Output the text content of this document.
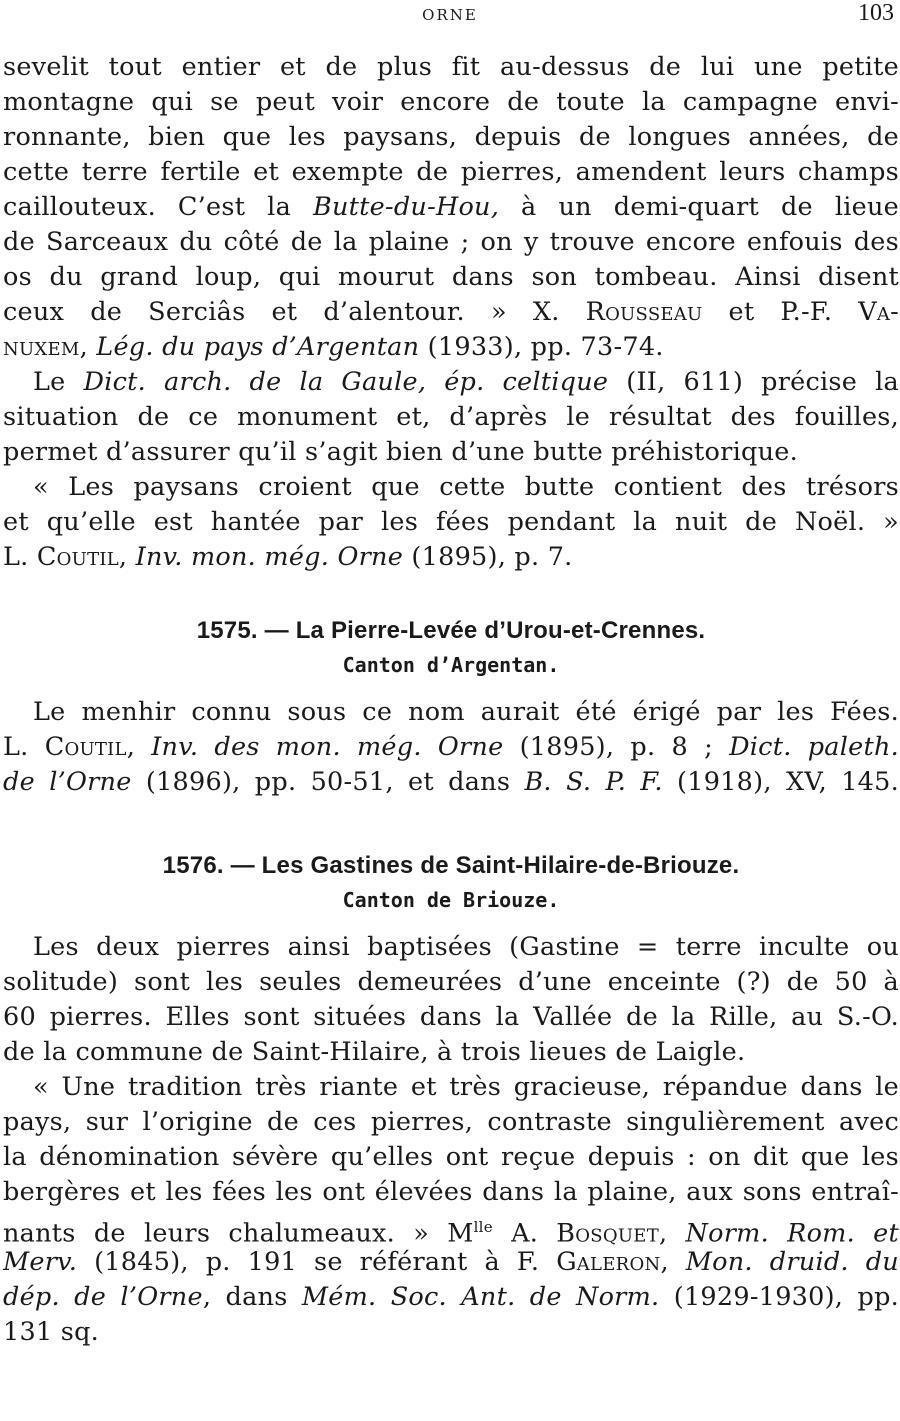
ORNE	103
sevelit tout entier et de plus fit au-dessus de lui une petite
montagne qui se peut voir encore de toute la campagne envi-
ronnante, bien que les paysans, depuis de longues années, de
cette terre fertile et exempte de pierres, amendent leurs champs
caillouteux. C’est la Butte-du-Hou, à un demi-quart de lieue
de Sarceaux du côté de la plaine ; on y trouve encore enfouis des
os du grand loup, qui mourut dans son tombeau. Ainsi disent
ceux de Serciâs et d’alentour. » X. Rousseau et P.-F. Va-
nuxem, Lég. du pays d’Argentan (1933), pp. 73-74.
Le Dict. arch. de la Gaule, ép. celtique (II, 611) précise la
situation de ce monument et, d’après le résultat des fouilles,
permet d’assurer qu’il s’agit bien d’une butte préhistorique.
« Les paysans croient que cette butte contient des trésors
et qu’elle est hantée par les fées pendant la nuit de Noël. »
L. Coutil, Inv. mon. még. Orne (1895), p. 7.
1575. — La Pierre-Levée d’Urou-et-Crennes.
Canton d’Argentan.
Le menhir connu sous ce nom aurait été érigé par les Fées.
L. Coutil, Inv. des mon. még. Orne (1895), p. 8 ; Dict. paleth.
de l’Orne (1896), pp. 50-51, et dans B. S. P. F. (1918), XV, 145.
1576. — Les Gastines de Saint-Hilaire-de-Briouze.
Canton de Briouze.
Les deux pierres ainsi baptisées (Gastine = terre inculte ou
solitude) sont les seules demeurées d’une enceinte (?) de 50 à
60 pierres. Elles sont situées dans la Vallée de la Rille, au S.-O.
de la commune de Saint-Hilaire, à trois lieues de Laigle.
« Une tradition très riante et très gracieuse, répandue dans le
pays, sur l’origine de ces pierres, contraste singulièrement avec
la dénomination sévère qu’elles ont reçue depuis : on dit que les
bergères et les fées les ont élevées dans la plaine, aux sons entraî-
nants de leurs chalumeaux. » $M^{lle}$ A. Bosquet, Norm. Rom. et
Merv. (1845), p. 191 se référant à F. Galeron, Mon. druid. du
dép. de l’Orne, dans Mém. Soc. Ant. de Norm. (1929-1930), pp.
131 sq.
